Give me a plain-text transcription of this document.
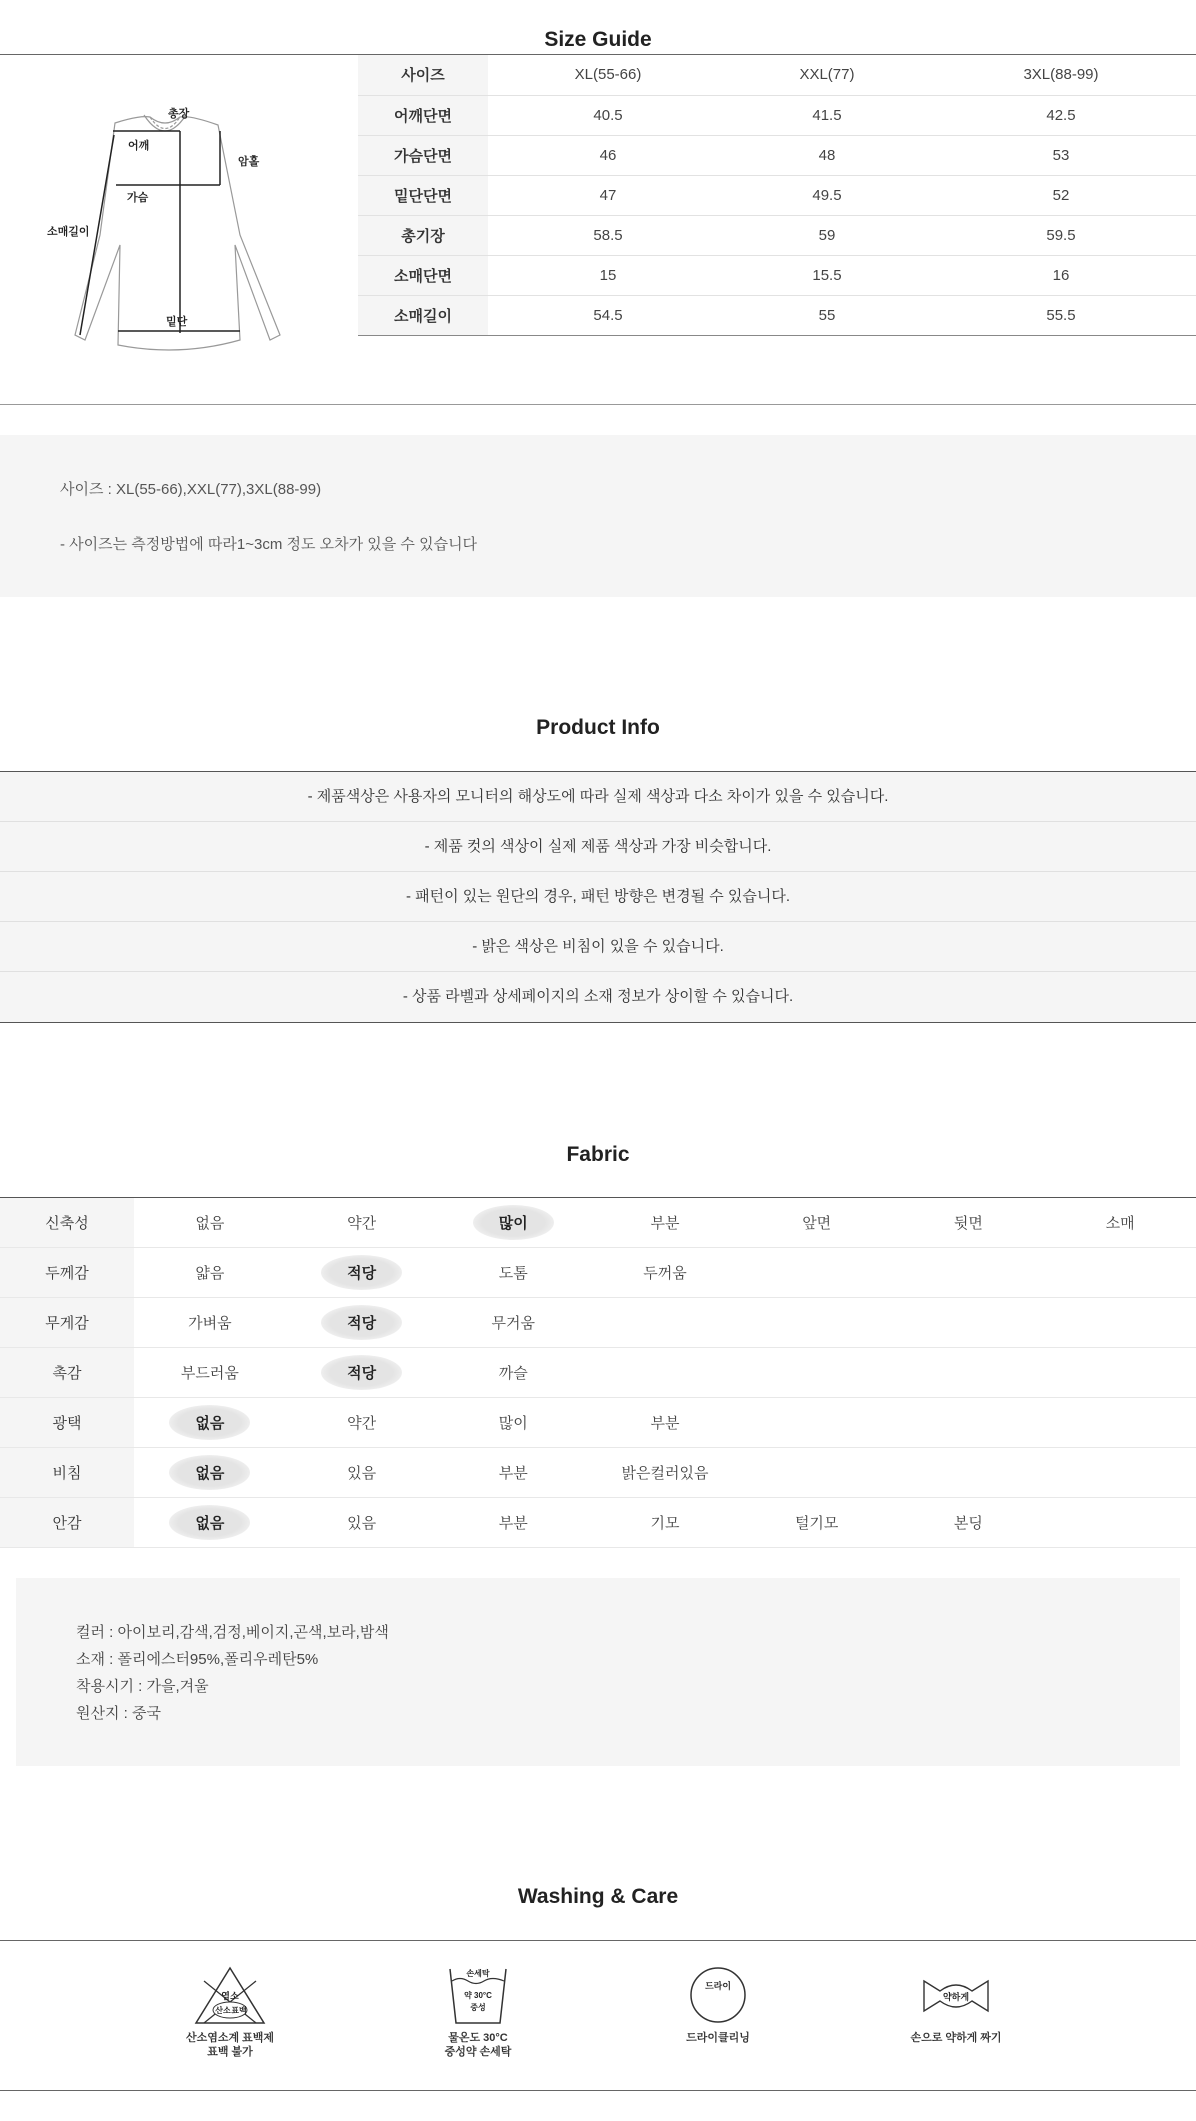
Size Guide
총장
어깨
암홀
가슴
소매길이
밑단
사이즈	XL(55-66)	XXL(77)	3XL(88-99)
어깨단면	40.5	41.5	42.5
가슴단면	46	48	53
밑단단면	47	49.5	52
총기장	58.5	59	59.5
소매단면	15	15.5	16
소매길이	54.5	55	55.5

사이즈 : XL(55-66),XXL(77),3XL(88-99)

- 사이즈는 측정방법에 따라1~3cm 정도 오차가 있을 수 있습니다

Product Info
- 제품색상은 사용자의 모니터의 해상도에 따라 실제 색상과 다소 차이가 있을 수 있습니다.
- 제품 컷의 색상이 실제 제품 색상과 가장 비슷합니다.
- 패턴이 있는 원단의 경우, 패턴 방향은 변경될 수 있습니다.
- 밝은 색상은 비침이 있을 수 있습니다.
- 상품 라벨과 상세페이지의 소재 정보가 상이할 수 있습니다.
Fabric
신축성	없음	약간	많이	부분	앞면	뒷면	소매
두께감	얇음	적당	도톰	두꺼움			
무게감	가벼움	적당	무거움				
촉감	부드러움	적당	까슬				
광택	없음	약간	많이	부분			
비침	없음	있음	부분	밝은컬러있음			
안감	없음	있음	부분	기모	털기모	본딩	

컬러 : 아이보리,감색,검정,베이지,곤색,보라,밤색

소재 : 폴리에스터95%,폴리우레탄5%

착용시기 : 가을,겨울

원산지 : 중국

Washing & Care
염소
산소 표백
산소염소계 표백제
표백 불가
손세탁
약 30°C
중성
물온도 30°C
중성약 손세탁
드라이
드라이클리닝
약하게
손으로 약하게 짜기
